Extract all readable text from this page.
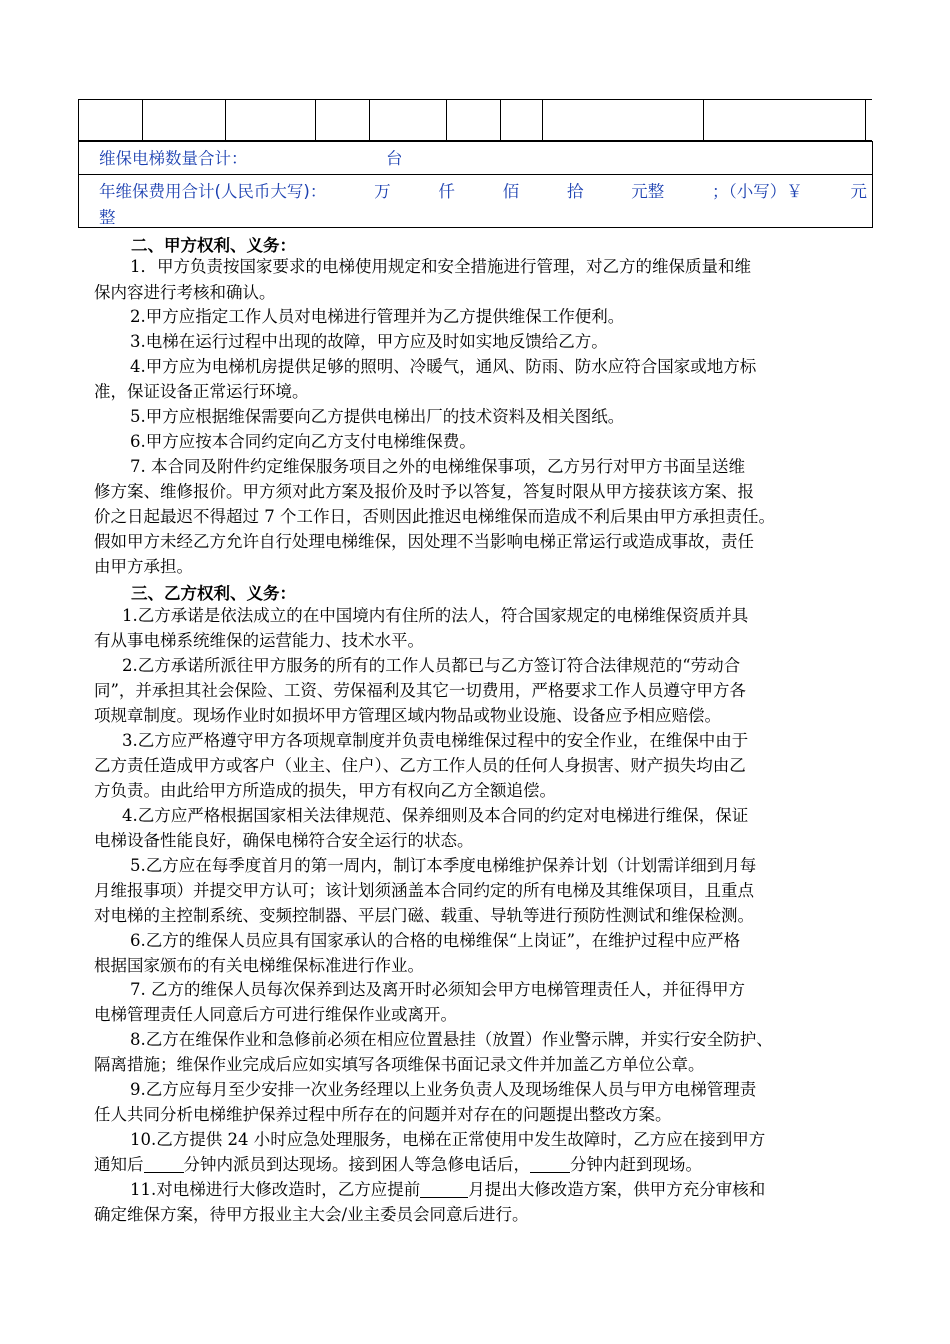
维保电梯数量合计：	台
年维保费用合计(人民币大写)：	万	仟	佰	拾	元整	；（小写）￥	元
整
二、甲方权利、义务：
1．甲方负责按国家要求的电梯使用规定和安全措施进行管理，对乙方的维保质量和维
保内容进行考核和确认。
2.甲方应指定工作人员对电梯进行管理并为乙方提供维保工作便利。
3.电梯在运行过程中出现的故障，甲方应及时如实地反馈给乙方。
4.甲方应为电梯机房提供足够的照明、冷暖气，通风、防雨、防水应符合国家或地方标
准，保证设备正常运行环境。
5.甲方应根据维保需要向乙方提供电梯出厂的技术资料及相关图纸。
6.甲方应按本合同约定向乙方支付电梯维保费。
7. 本合同及附件约定维保服务项目之外的电梯维保事项，乙方另行对甲方书面呈送维
修方案、维修报价。甲方须对此方案及报价及时予以答复，答复时限从甲方接获该方案、报
价之日起最迟不得超过 7 个工作日，否则因此推迟电梯维保而造成不利后果由甲方承担责任。
假如甲方未经乙方允许自行处理电梯维保，因处理不当影响电梯正常运行或造成事故，责任
由甲方承担。
三、乙方权利、义务：
1.乙方承诺是依法成立的在中国境内有住所的法人，符合国家规定的电梯维保资质并具
有从事电梯系统维保的运营能力、技术水平。
2.乙方承诺所派往甲方服务的所有的工作人员都已与乙方签订符合法律规范的“劳动合
同”，并承担其社会保险、工资、劳保福利及其它一切费用，严格要求工作人员遵守甲方各
项规章制度。现场作业时如损坏甲方管理区域内物品或物业设施、设备应予相应赔偿。
3.乙方应严格遵守甲方各项规章制度并负责电梯维保过程中的安全作业，在维保中由于
乙方责任造成甲方或客户（业主、住户）、乙方工作人员的任何人身损害、财产损失均由乙
方负责。由此给甲方所造成的损失，甲方有权向乙方全额追偿。
4.乙方应严格根据国家相关法律规范、保养细则及本合同的约定对电梯进行维保，保证
电梯设备性能良好，确保电梯符合安全运行的状态。
5.乙方应在每季度首月的第一周内，制订本季度电梯维护保养计划（计划需详细到月每
月维报事项）并提交甲方认可；该计划须涵盖本合同约定的所有电梯及其维保项目，且重点
对电梯的主控制系统、变频控制器、平层门磁、载重、导轨等进行预防性测试和维保检测。
6.乙方的维保人员应具有国家承认的合格的电梯维保“上岗证”，在维护过程中应严格
根据国家颁布的有关电梯维保标准进行作业。
7. 乙方的维保人员每次保养到达及离开时必须知会甲方电梯管理责任人，并征得甲方
电梯管理责任人同意后方可进行维保作业或离开。
8.乙方在维保作业和急修前必须在相应位置悬挂（放置）作业警示牌，并实行安全防护、
隔离措施；维保作业完成后应如实填写各项维保书面记录文件并加盖乙方单位公章。
9.乙方应每月至少安排一次业务经理以上业务负责人及现场维保人员与甲方电梯管理责
任人共同分析电梯维护保养过程中所存在的问题并对存在的问题提出整改方案。
10.乙方提供 24 小时应急处理服务，电梯在正常使用中发生故障时，乙方应在接到甲方
通知后 分钟内派员到达现场。接到困人等急修电话后， 分钟内赶到现场。
11.对电梯进行大修改造时，乙方应提前	月提出大修改造方案，供甲方充分审核和
确定维保方案，待甲方报业主大会/业主委员会同意后进行。
